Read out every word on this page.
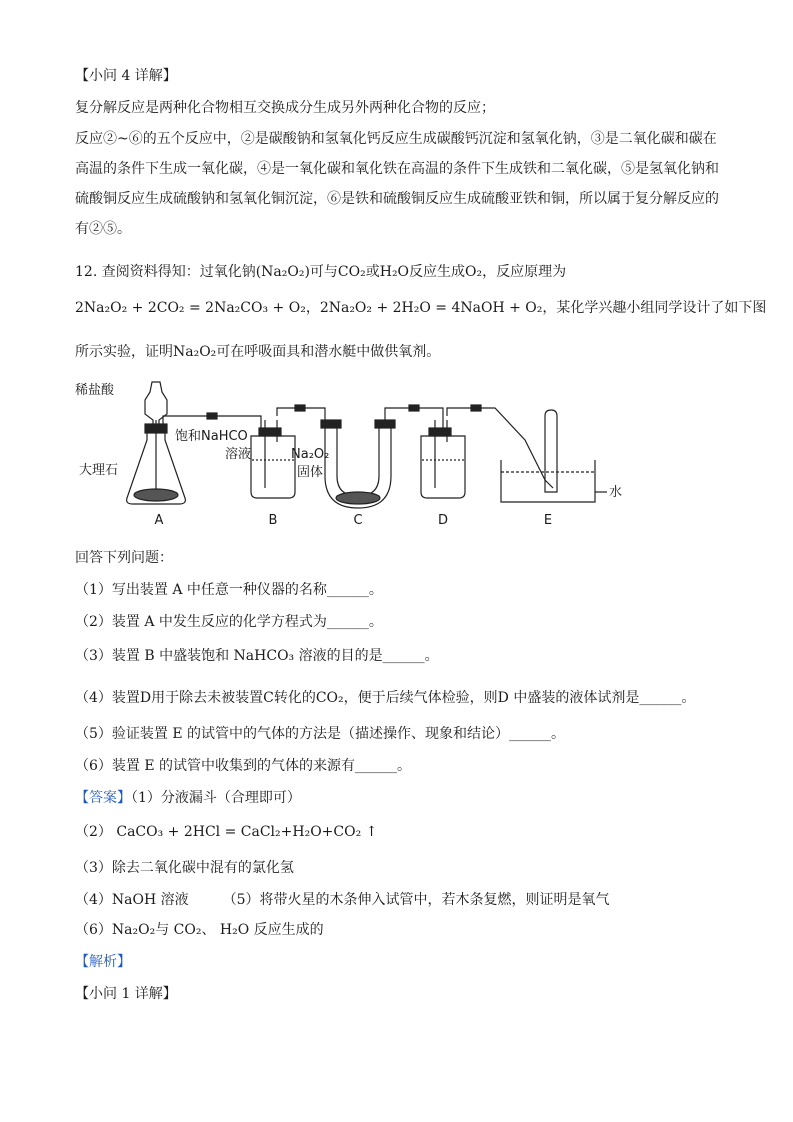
【小问 4 详解】
复分解反应是两种化合物相互交换成分生成另外两种化合物的反应；
反应②~⑥的五个反应中，②是碳酸钠和氢氧化钙反应生成碳酸钙沉淀和氢氧化钠，③是二氧化碳和碳在高温的条件下生成一氧化碳，④是一氧化碳和氧化铁在高温的条件下生成铁和二氧化碳，⑤是氢氧化钠和硫酸铜反应生成硫酸钠和氢氧化铜沉淀，⑥是铁和硫酸铜反应生成硫酸亚铁和铜，所以属于复分解反应的有②⑤。
12. 查阅资料得知：过氧化钠(Na₂O₂)可与CO₂或H₂O反应生成O₂，反应原理为
2Na₂O₂ + 2CO₂ = 2Na₂CO₃ + O₂，2Na₂O₂ + 2H₂O = 4NaOH + O₂，某化学兴趣小组同学设计了如下图
所示实验，证明Na₂O₂可在呼吸面具和潜水艇中做供氧剂。
稀盐酸
饱和NaHCO
溶液	Na₂O₂
固体
大理石
水
A	B	C	D	E
回答下列问题：
（1）写出装置 A 中任意一种仪器的名称______。
（2）装置 A 中发生反应的化学方程式为______。
（3）装置 B 中盛装饱和 NaHCO₃ 溶液的目的是______。
（4）装置D用于除去未被装置C转化的CO₂，便于后续气体检验，则D 中盛装的液体试剂是______。
（5）验证装置 E 的试管中的气体的方法是（描述操作、现象和结论）______。
（6）装置 E 的试管中收集到的气体的来源有______。
【答案】（1）分液漏斗（合理即可）
（2） CaCO₃ + 2HCl = CaCl₂+H₂O+CO₂ ↑
（3）除去二氧化碳中混有的氯化氢
（4）NaOH 溶液 （5）将带火星的木条伸入试管中，若木条复燃，则证明是氧气
（6）Na₂O₂与 CO₂、 H₂O 反应生成的
【解析】
【小问 1 详解】
